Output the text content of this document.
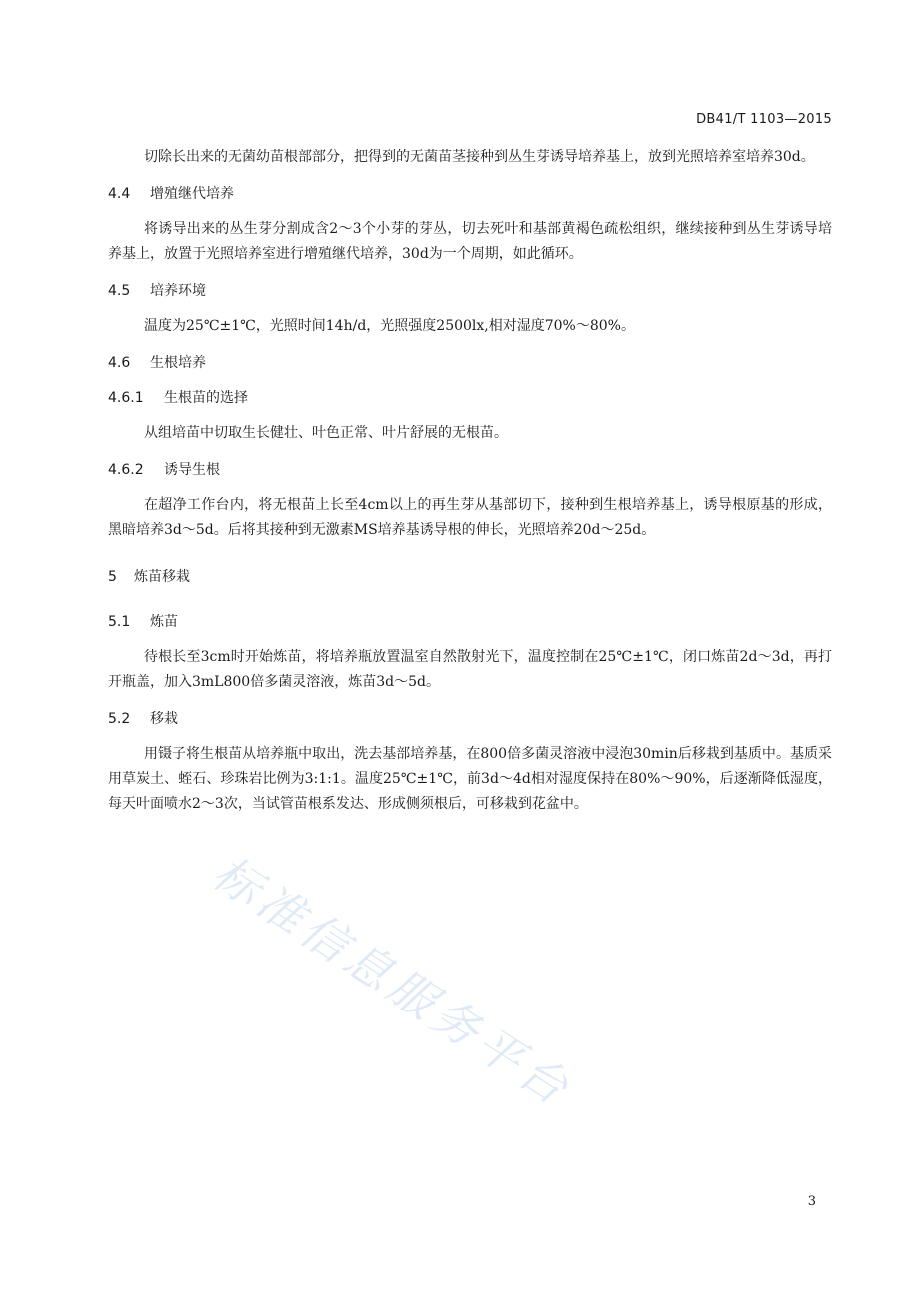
DB41/T 1103—2015

切除长出来的无菌幼苗根部部分，把得到的无菌苗茎接种到丛生芽诱导培养基上，放到光照培养室培养30d。

4.4 增殖继代培养

将诱导出来的丛生芽分割成含2～3个小芽的芽丛，切去死叶和基部黄褐色疏松组织，继续接种到丛生芽诱导培养基上，放置于光照培养室进行增殖继代培养，30d为一个周期，如此循环。

4.5 培养环境

温度为25℃±1℃，光照时间14h/d，光照强度2500lx,相对湿度70%～80%。

4.6 生根培养
4.6.1 生根苗的选择

从组培苗中切取生长健壮、叶色正常、叶片舒展的无根苗。

4.6.2 诱导生根

在超净工作台内，将无根苗上长至4cm以上的再生芽从基部切下，接种到生根培养基上，诱导根原基的形成，黑暗培养3d～5d。后将其接种到无激素MS培养基诱导根的伸长，光照培养20d～25d。

5 炼苗移栽
5.1 炼苗

待根长至3cm时开始炼苗，将培养瓶放置温室自然散射光下，温度控制在25℃±1℃，闭口炼苗2d～3d，再打开瓶盖，加入3mL800倍多菌灵溶液，炼苗3d～5d。

5.2 移栽

用镊子将生根苗从培养瓶中取出，洗去基部培养基，在800倍多菌灵溶液中浸泡30min后移栽到基质中。基质采用草炭土、蛭石、珍珠岩比例为3:1:1。温度25℃±1℃，前3d～4d相对湿度保持在80%～90%，后逐渐降低湿度，每天叶面喷水2～3次，当试管苗根系发达、形成侧须根后，可移栽到花盆中。

标准信息服务平台
3
